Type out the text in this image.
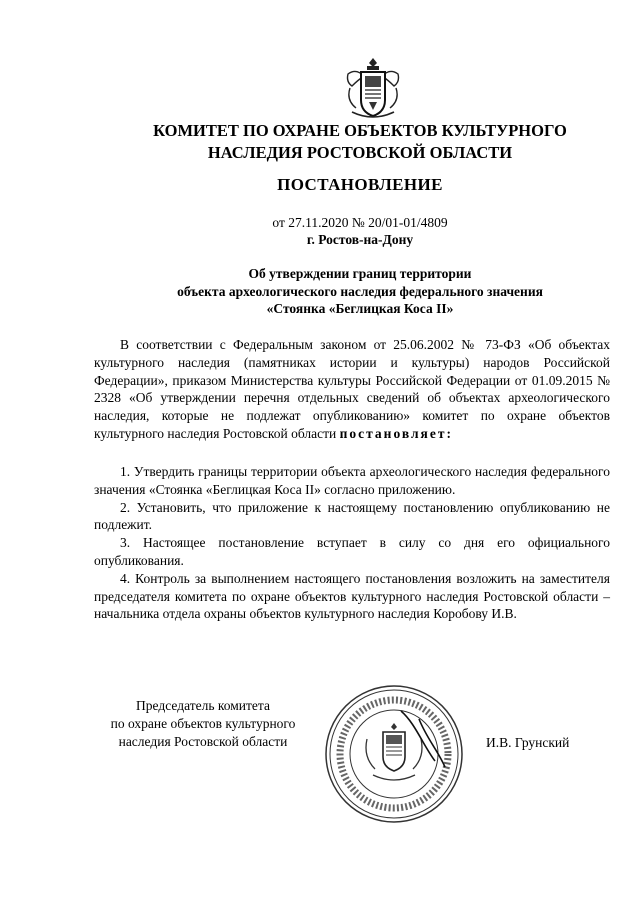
КОМИТЕТ ПО ОХРАНЕ ОБЪЕКТОВ КУЛЬТУРНОГО
НАСЛЕДИЯ РОСТОВСКОЙ ОБЛАСТИ
ПОСТАНОВЛЕНИЕ
от 27.11.2020 № 20/01-01/4809
г. Ростов-на-Дону
Об утверждении границ территории
объекта археологического наследия федерального значения
«Стоянка «Беглицкая Коса II»
В соответствии с Федеральным законом от 25.06.2002 № 73-ФЗ «Об объектах культурного наследия (памятниках истории и культуры) народов Российской Федерации», приказом Министерства культуры Российской Федерации от 01.09.2015 № 2328 «Об утверждении перечня отдельных сведений об объектах археологического наследия, которые не подлежат опубликованию» комитет по охране объектов культурного наследия Ростовской области постановляет:
1. Утвердить границы территории объекта археологического наследия федерального значения «Стоянка «Беглицкая Коса II» согласно приложению.
2. Установить, что приложение к настоящему постановлению опубликованию не подлежит.
3. Настоящее постановление вступает в силу со дня его официального опубликования.
4. Контроль за выполнением настоящего постановления возложить на заместителя председателя комитета по охране объектов культурного наследия Ростовской области – начальника отдела охраны объектов культурного наследия Коробову И.В.
Председатель комитета
по охране объектов культурного
наследия Ростовской области	И.В. Грунский
